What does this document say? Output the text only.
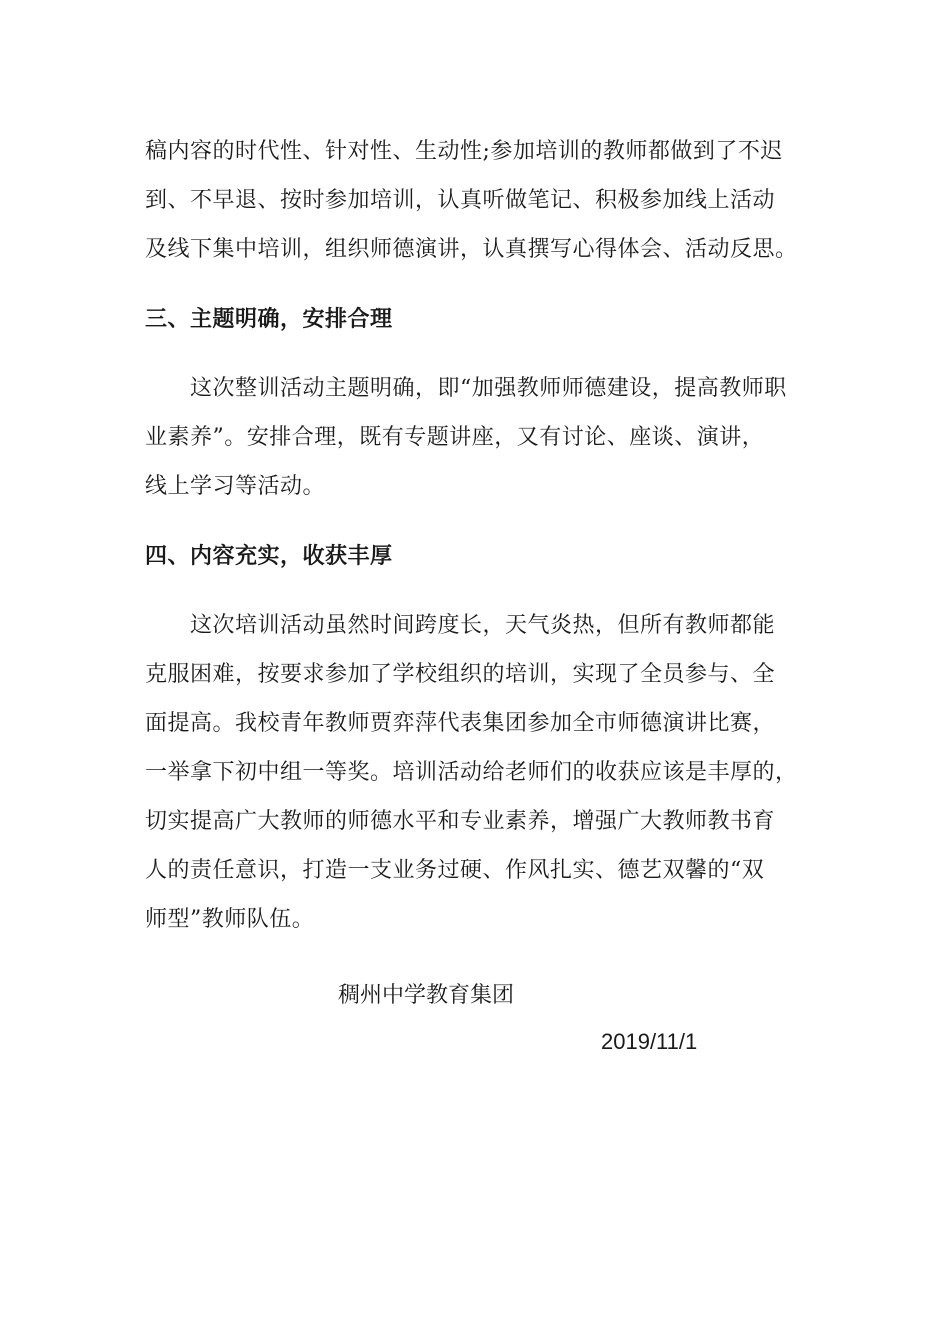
稿内容的时代性、针对性、生动性;参加培训的教师都做到了不迟
到、不早退、按时参加培训，认真听做笔记、积极参加线上活动
及线下集中培训，组织师德演讲，认真撰写心得体会、活动反思。
三、主题明确，安排合理
　　这次整训活动主题明确，即“加强教师师德建设，提高教师职
业素养”。安排合理，既有专题讲座，又有讨论、座谈、演讲，
线上学习等活动。
四、内容充实，收获丰厚
　　这次培训活动虽然时间跨度长，天气炎热，但所有教师都能
克服困难，按要求参加了学校组织的培训，实现了全员参与、全
面提高。我校青年教师贾弈萍代表集团参加全市师德演讲比赛，
一举拿下初中组一等奖。培训活动给老师们的收获应该是丰厚的，
切实提高广大教师的师德水平和专业素养，增强广大教师教书育
人的责任意识，打造一支业务过硬、作风扎实、德艺双馨的“双
师型”教师队伍。
稠州中学教育集团
2019/11/1
